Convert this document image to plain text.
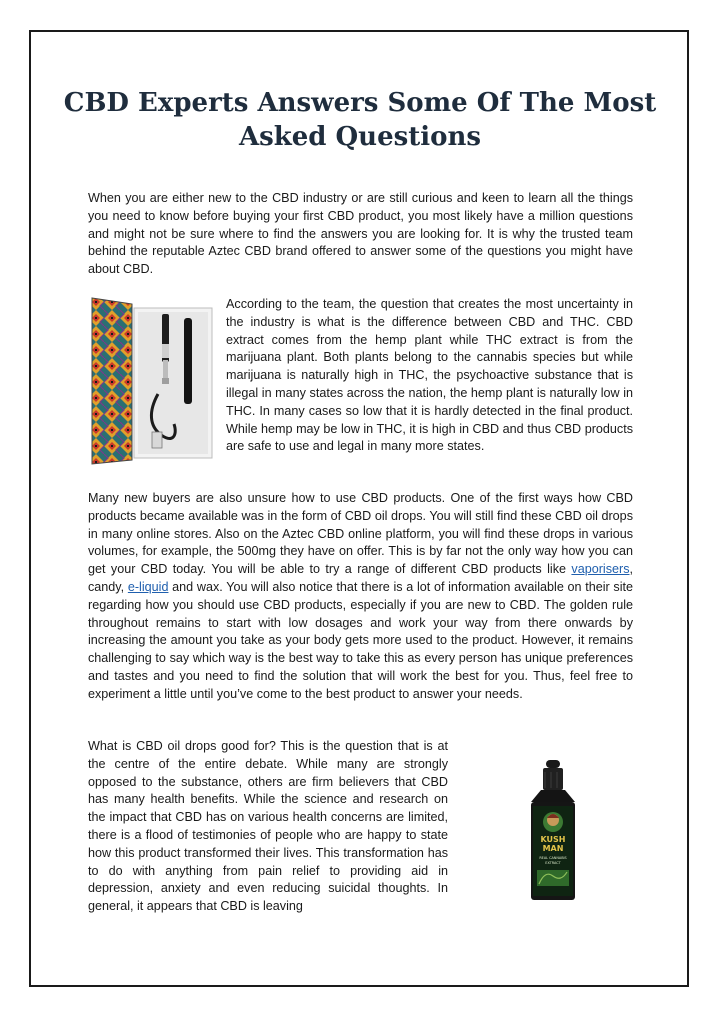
CBD Experts Answers Some Of The Most Asked Questions

When you are either new to the CBD industry or are still curious and keen to learn all the things you need to know before buying your first CBD product, you most likely have a million questions and might not be sure where to find the answers you are looking for. It is why the trusted team behind the reputable Aztec CBD brand offered to answer some of the questions you might have about CBD.

According to the team, the question that creates the most uncertainty in the industry is what is the difference between CBD and THC. CBD extract comes from the hemp plant while THC extract is from the marijuana plant. Both plants belong to the cannabis species but while marijuana is naturally high in THC, the psychoactive substance that is illegal in many states across the nation, the hemp plant is naturally low in THC. In many cases so low that it is hardly detected in the final product. While hemp may be low in THC, it is high in CBD and thus CBD products are safe to use and legal in many more states.

Many new buyers are also unsure how to use CBD products. One of the first ways how CBD products became available was in the form of CBD oil drops. You will still find these CBD oil drops in many online stores. Also on the Aztec CBD online platform, you will find these drops in various volumes, for example, the 500mg they have on offer. This is by far not the only way how you can get your CBD today. You will be able to try a range of different CBD products like vaporisers, candy, e-liquid and wax. You will also notice that there is a lot of information available on their site regarding how you should use CBD products, especially if you are new to CBD. The golden rule throughout remains to start with low dosages and work your way from there onwards by increasing the amount you take as your body gets more used to the product. However, it remains challenging to say which way is the best way to take this as every person has unique preferences and tastes and you need to find the solution that will work the best for you. Thus, feel free to experiment a little until you’ve come to the best product to answer your needs.

What is CBD oil drops good for? This is the question that is at the centre of the entire debate. While many are strongly opposed to the substance, others are firm believers that CBD has many health benefits. While the science and research on the impact that CBD has on various health concerns are limited, there is a flood of testimonies of people who are happy to state how this product transformed their lives. This transformation has to do with anything from pain relief to providing aid in depression, anxiety and even reducing suicidal thoughts. In general, it appears that CBD is leaving

KUSH
MAN
REAL CANNABIS
EXTRACT
